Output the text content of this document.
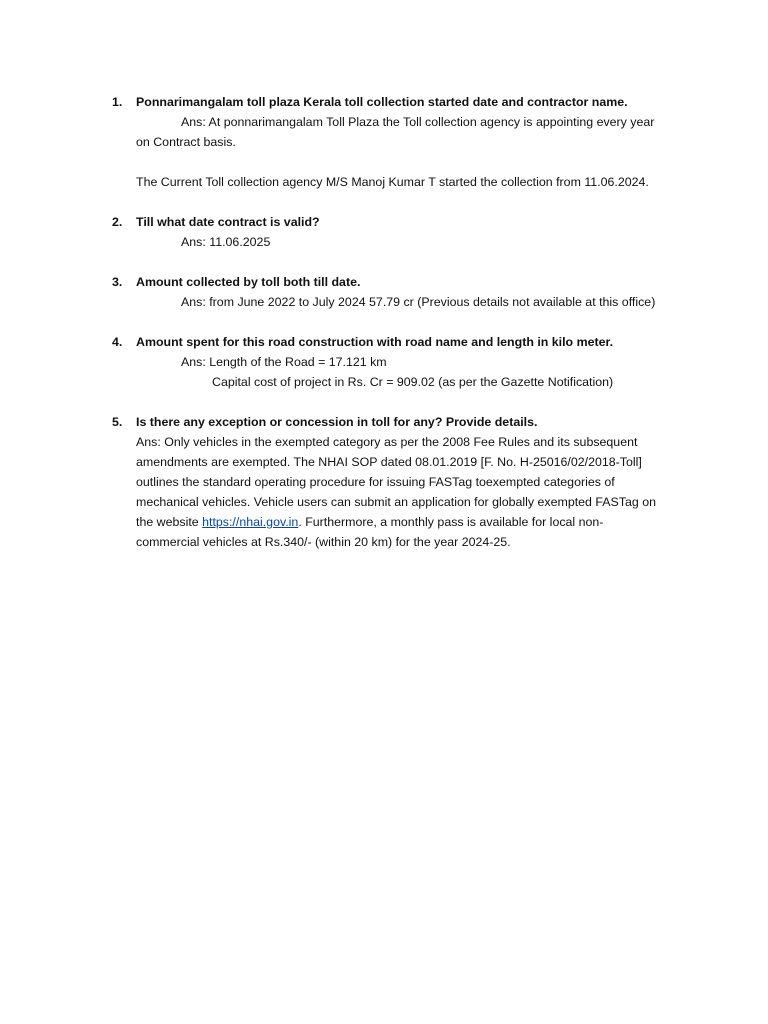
1.	Ponnarimangalam toll plaza Kerala toll collection started date and contractor name.
Ans: At ponnarimangalam Toll Plaza the Toll collection agency is appointing every year
on Contract basis.
The Current Toll collection agency M/S Manoj Kumar T started the collection from 11.06.2024.
2.	Till what date contract is valid?
Ans: 11.06.2025
3.	Amount collected by toll both till date.
Ans: from June 2022 to July 2024 57.79 cr (Previous details not available at this office)
4.	Amount spent for this road construction with road name and length in kilo meter.
Ans: Length of the Road = 17.121 km
Capital cost of project in Rs. Cr = 909.02 (as per the Gazette Notification)
5.	Is there any exception or concession in toll for any? Provide details.
Ans: Only vehicles in the exempted category as per the 2008 Fee Rules and its subsequent
amendments are exempted. The NHAI SOP dated 08.01.2019 [F. No. H-25016/02/2018-Toll]
outlines the standard operating procedure for issuing FASTag toexempted categories of
mechanical vehicles. Vehicle users can submit an application for globally exempted FASTag on
the website https://nhai.gov.in. Furthermore, a monthly pass is available for local non-
commercial vehicles at Rs.340/- (within 20 km) for the year 2024-25.
